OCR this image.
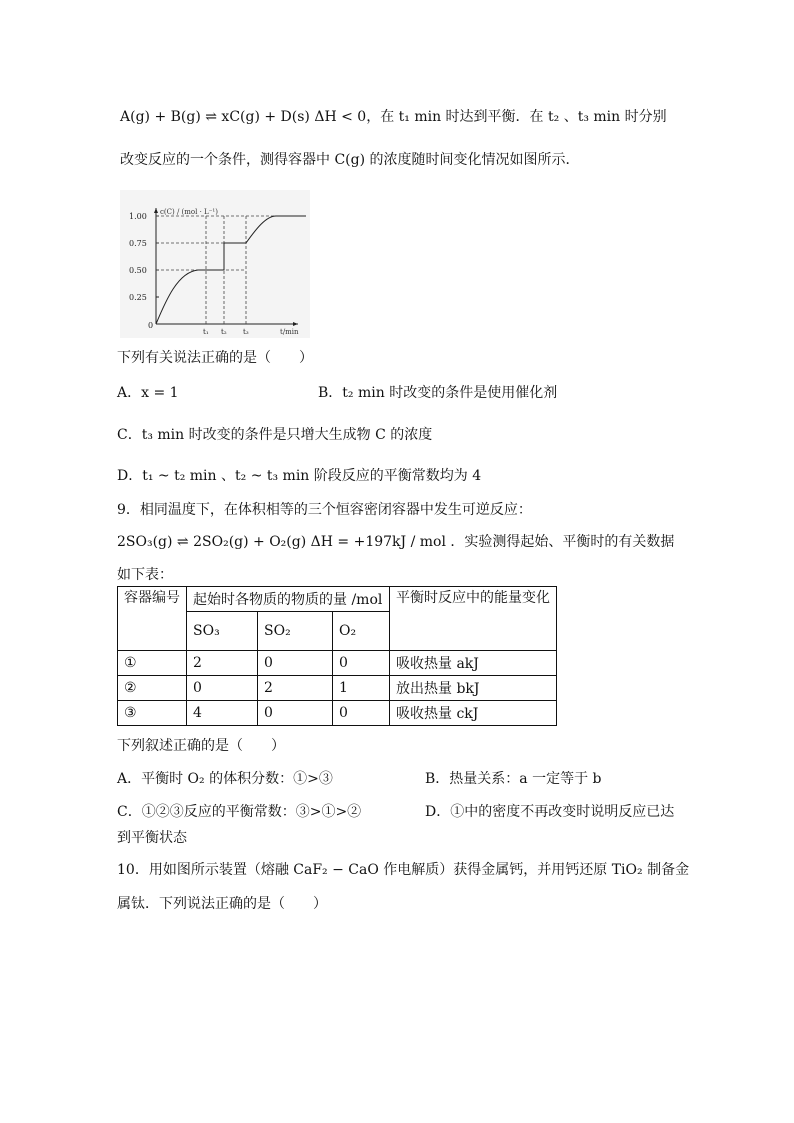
A(g) + B(g) ⇌ xC(g) + D(s) ΔH < 0，在 t₁ min 时达到平衡．在 t₂ 、t₃ min 时分别
改变反应的一个条件，测得容器中 C(g) 的浓度随时间变化情况如图所示．
c(C) / (mol · L⁻¹)
t/min
0
0.25
0.50
0.75
1.00
t₁ t₂ t₃
下列有关说法正确的是（　　）
A．x = 1	B．t₂ min 时改变的条件是使用催化剂
C．t₃ min 时改变的条件是只增大生成物 C 的浓度
D．t₁ ~ t₂ min 、t₂ ~ t₃ min 阶段反应的平衡常数均为 4
9．相同温度下，在体积相等的三个恒容密闭容器中发生可逆反应：
2SO₃(g) ⇌ 2SO₂(g) + O₂(g) ΔH = +197kJ / mol ．实验测得起始、平衡时的有关数据
如下表：
容器编号	起始时各物质的物质的量 /mol			平衡时反应中的能量变化
	SO₃	SO₂	O₂	
①	2	0	0	吸收热量 akJ
②	0	2	1	放出热量 bkJ
③	4	0	0	吸收热量 ckJ
下列叙述正确的是（　　）
A．平衡时 O₂ 的体积分数：①>③	B．热量关系：a 一定等于 b
C．①②③反应的平衡常数：③>①>②	D．①中的密度不再改变时说明反应已达
到平衡状态
10．用如图所示装置（熔融 CaF₂ − CaO 作电解质）获得金属钙，并用钙还原 TiO₂ 制备金
属钛．下列说法正确的是（　　）
